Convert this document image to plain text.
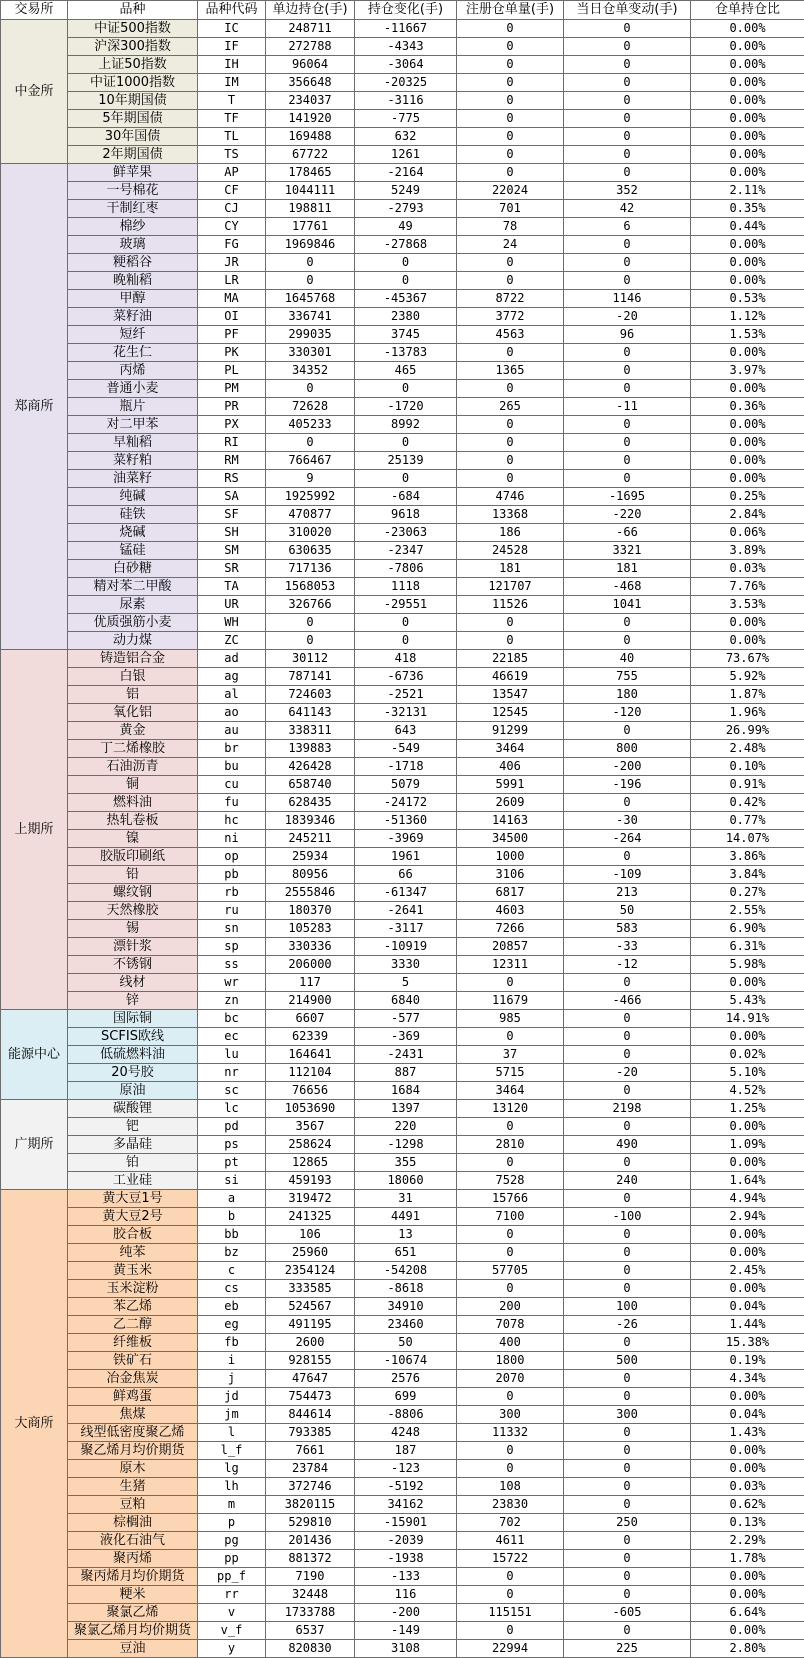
交易所	品种	品种代码	单边持仓(手)	持仓变化(手)	注册仓单量(手)	当日仓单变动(手)	仓单持仓比
中金所	中证500指数	IC	248711	-11667	0	0	0.00%
	沪深300指数	IF	272788	-4343	0	0	0.00%
	上证50指数	IH	96064	-3064	0	0	0.00%
	中证1000指数	IM	356648	-20325	0	0	0.00%
	10年期国债	T	234037	-3116	0	0	0.00%
	5年期国债	TF	141920	-775	0	0	0.00%
	30年国债	TL	169488	632	0	0	0.00%
	2年期国债	TS	67722	1261	0	0	0.00%
郑商所	鲜苹果	AP	178465	-2164	0	0	0.00%
	一号棉花	CF	1044111	5249	22024	352	2.11%
	干制红枣	CJ	198811	-2793	701	42	0.35%
	棉纱	CY	17761	49	78	6	0.44%
	玻璃	FG	1969846	-27868	24	0	0.00%
	粳稻谷	JR	0	0	0	0	0.00%
	晚籼稻	LR	0	0	0	0	0.00%
	甲醇	MA	1645768	-45367	8722	1146	0.53%
	菜籽油	OI	336741	2380	3772	-20	1.12%
	短纤	PF	299035	3745	4563	96	1.53%
	花生仁	PK	330301	-13783	0	0	0.00%
	丙烯	PL	34352	465	1365	0	3.97%
	普通小麦	PM	0	0	0	0	0.00%
	瓶片	PR	72628	-1720	265	-11	0.36%
	对二甲苯	PX	405233	8992	0	0	0.00%
	早籼稻	RI	0	0	0	0	0.00%
	菜籽粕	RM	766467	25139	0	0	0.00%
	油菜籽	RS	9	0	0	0	0.00%
	纯碱	SA	1925992	-684	4746	-1695	0.25%
	硅铁	SF	470877	9618	13368	-220	2.84%
	烧碱	SH	310020	-23063	186	-66	0.06%
	锰硅	SM	630635	-2347	24528	3321	3.89%
	白砂糖	SR	717136	-7806	181	181	0.03%
	精对苯二甲酸	TA	1568053	1118	121707	-468	7.76%
	尿素	UR	326766	-29551	11526	1041	3.53%
	优质强筋小麦	WH	0	0	0	0	0.00%
	动力煤	ZC	0	0	0	0	0.00%
上期所	铸造铝合金	ad	30112	418	22185	40	73.67%
	白银	ag	787141	-6736	46619	755	5.92%
	铝	al	724603	-2521	13547	180	1.87%
	氧化铝	ao	641143	-32131	12545	-120	1.96%
	黄金	au	338311	643	91299	0	26.99%
	丁二烯橡胶	br	139883	-549	3464	800	2.48%
	石油沥青	bu	426428	-1718	406	-200	0.10%
	铜	cu	658740	5079	5991	-196	0.91%
	燃料油	fu	628435	-24172	2609	0	0.42%
	热轧卷板	hc	1839346	-51360	14163	-30	0.77%
	镍	ni	245211	-3969	34500	-264	14.07%
	胶版印刷纸	op	25934	1961	1000	0	3.86%
	铅	pb	80956	66	3106	-109	3.84%
	螺纹钢	rb	2555846	-61347	6817	213	0.27%
	天然橡胶	ru	180370	-2641	4603	50	2.55%
	锡	sn	105283	-3117	7266	583	6.90%
	漂针浆	sp	330336	-10919	20857	-33	6.31%
	不锈钢	ss	206000	3330	12311	-12	5.98%
	线材	wr	117	5	0	0	0.00%
	锌	zn	214900	6840	11679	-466	5.43%
能源中心	国际铜	bc	6607	-577	985	0	14.91%
	SCFIS欧线	ec	62339	-369	0	0	0.00%
	低硫燃料油	lu	164641	-2431	37	0	0.02%
	20号胶	nr	112104	887	5715	-20	5.10%
	原油	sc	76656	1684	3464	0	4.52%
广期所	碳酸锂	lc	1053690	1397	13120	2198	1.25%
	钯	pd	3567	220	0	0	0.00%
	多晶硅	ps	258624	-1298	2810	490	1.09%
	铂	pt	12865	355	0	0	0.00%
	工业硅	si	459193	18060	7528	240	1.64%
大商所	黄大豆1号	a	319472	31	15766	0	4.94%
	黄大豆2号	b	241325	4491	7100	-100	2.94%
	胶合板	bb	106	13	0	0	0.00%
	纯苯	bz	25960	651	0	0	0.00%
	黄玉米	c	2354124	-54208	57705	0	2.45%
	玉米淀粉	cs	333585	-8618	0	0	0.00%
	苯乙烯	eb	524567	34910	200	100	0.04%
	乙二醇	eg	491195	23460	7078	-26	1.44%
	纤维板	fb	2600	50	400	0	15.38%
	铁矿石	i	928155	-10674	1800	500	0.19%
	冶金焦炭	j	47647	2576	2070	0	4.34%
	鲜鸡蛋	jd	754473	699	0	0	0.00%
	焦煤	jm	844614	-8806	300	300	0.04%
	线型低密度聚乙烯	l	793385	4248	11332	0	1.43%
	聚乙烯月均价期货	l_f	7661	187	0	0	0.00%
	原木	lg	23784	-123	0	0	0.00%
	生猪	lh	372746	-5192	108	0	0.03%
	豆粕	m	3820115	34162	23830	0	0.62%
	棕榈油	p	529810	-15901	702	250	0.13%
	液化石油气	pg	201436	-2039	4611	0	2.29%
	聚丙烯	pp	881372	-1938	15722	0	1.78%
	聚丙烯月均价期货	pp_f	7190	-133	0	0	0.00%
	粳米	rr	32448	116	0	0	0.00%
	聚氯乙烯	v	1733788	-200	115151	-605	6.64%
	聚氯乙烯月均价期货	v_f	6537	-149	0	0	0.00%
	豆油	y	820830	3108	22994	225	2.80%
